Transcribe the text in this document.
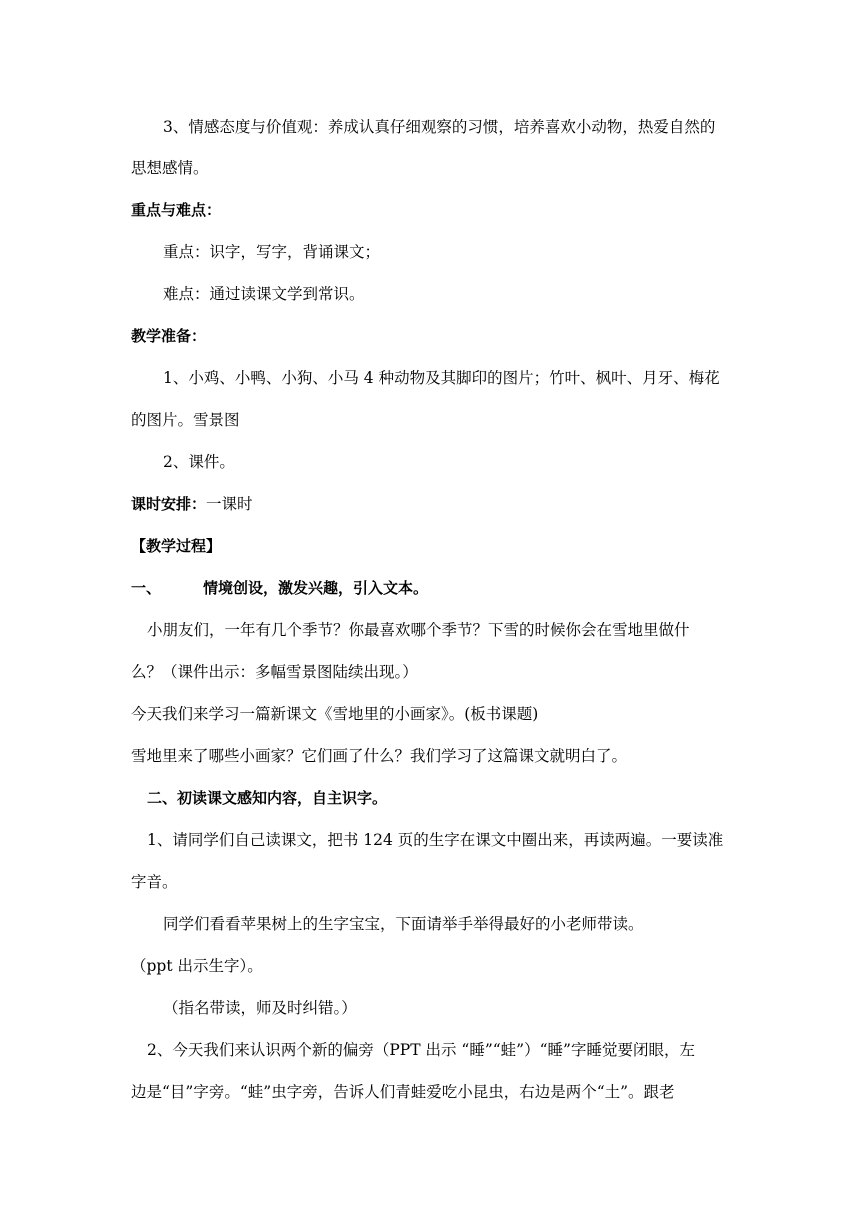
3、情感态度与价值观：养成认真仔细观察的习惯，培养喜欢小动物，热爱自然的
思想感情。
重点与难点：
重点：识字，写字，背诵课文；
难点：通过读课文学到常识。
教学准备：
1、小鸡、小鸭、小狗、小马 4 种动物及其脚印的图片；竹叶、枫叶、月牙、梅花
的图片。雪景图
2、课件。
课时安排：一课时
【教学过程】
一、	情境创设，激发兴趣，引入文本。
小朋友们，一年有几个季节？你最喜欢哪个季节？下雪的时候你会在雪地里做什
么？（课件出示：多幅雪景图陆续出现。）
今天我们来学习一篇新课文《雪地里的小画家》。(板书课题)
雪地里来了哪些小画家？它们画了什么？我们学习了这篇课文就明白了。
二、初读课文感知内容，自主识字。
1、请同学们自己读课文，把书 124 页的生字在课文中圈出来，再读两遍。一要读准
字音。
同学们看看苹果树上的生字宝宝，下面请举手举得最好的小老师带读。
（ppt 出示生字）。
（指名带读，师及时纠错。）
2、今天我们来认识两个新的偏旁（PPT 出示 “睡”“蛙”）“睡”字睡觉要闭眼，左
边是“目”字旁。“蛙”虫字旁，告诉人们青蛙爱吃小昆虫，右边是两个“土”。跟老
